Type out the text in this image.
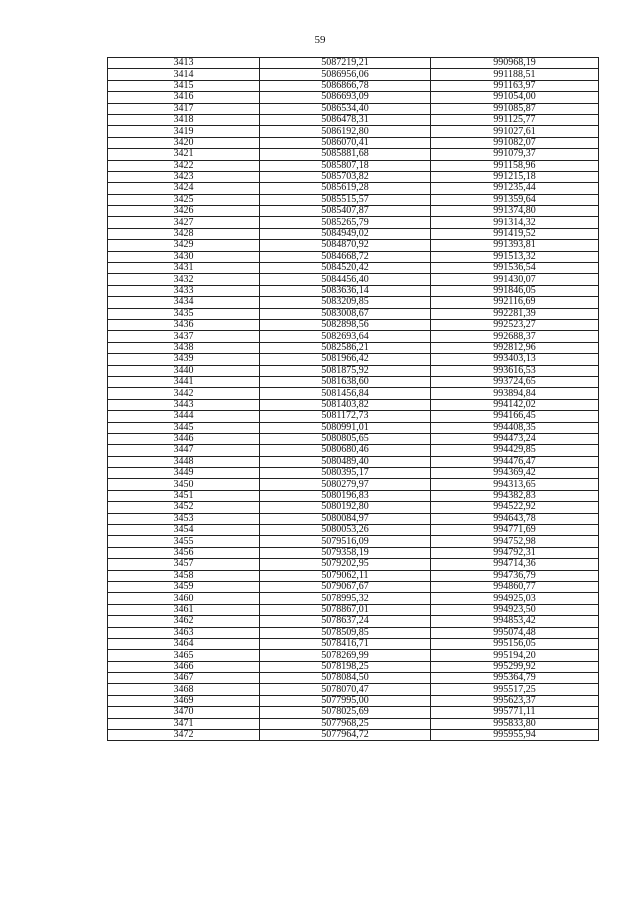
59
3413	5087219,21	990968,19
3414	5086956,06	991188,51
3415	5086866,78	991163,97
3416	5086693,09	991054,00
3417	5086534,40	991085,87
3418	5086478,31	991125,77
3419	5086192,80	991027,61
3420	5086070,41	991082,07
3421	5085881,68	991079,37
3422	5085807,18	991158,96
3423	5085703,82	991215,18
3424	5085619,28	991235,44
3425	5085515,57	991359,64
3426	5085407,87	991374,80
3427	5085265,79	991314,32
3428	5084949,02	991419,52
3429	5084870,92	991393,81
3430	5084668,72	991513,32
3431	5084520,42	991536,54
3432	5084456,40	991430,07
3433	5083636,14	991846,05
3434	5083209,85	992116,69
3435	5083008,67	992281,39
3436	5082898,56	992523,27
3437	5082693,64	992688,37
3438	5082586,21	992812,96
3439	5081966,42	993403,13
3440	5081875,92	993616,53
3441	5081638,60	993724,65
3442	5081456,84	993894,84
3443	5081403,82	994142,02
3444	5081172,73	994166,45
3445	5080991,01	994408,35
3446	5080805,65	994473,24
3447	5080680,46	994429,85
3448	5080489,40	994476,47
3449	5080395,17	994369,42
3450	5080279,97	994313,65
3451	5080196,83	994382,83
3452	5080192,80	994522,92
3453	5080084,97	994643,78
3454	5080053,26	994771,69
3455	5079516,09	994752,98
3456	5079358,19	994792,31
3457	5079202,95	994714,36
3458	5079062,11	994736,79
3459	5079067,67	994860,77
3460	5078995,32	994925,03
3461	5078867,01	994923,50
3462	5078637,24	994853,42
3463	5078509,85	995074,48
3464	5078416,71	995156,05
3465	5078269,99	995194,20
3466	5078198,25	995299,92
3467	5078084,50	995364,79
3468	5078070,47	995517,25
3469	5077995,00	995623,37
3470	5078025,69	995771,11
3471	5077968,25	995833,80
3472	5077964,72	995955,94
